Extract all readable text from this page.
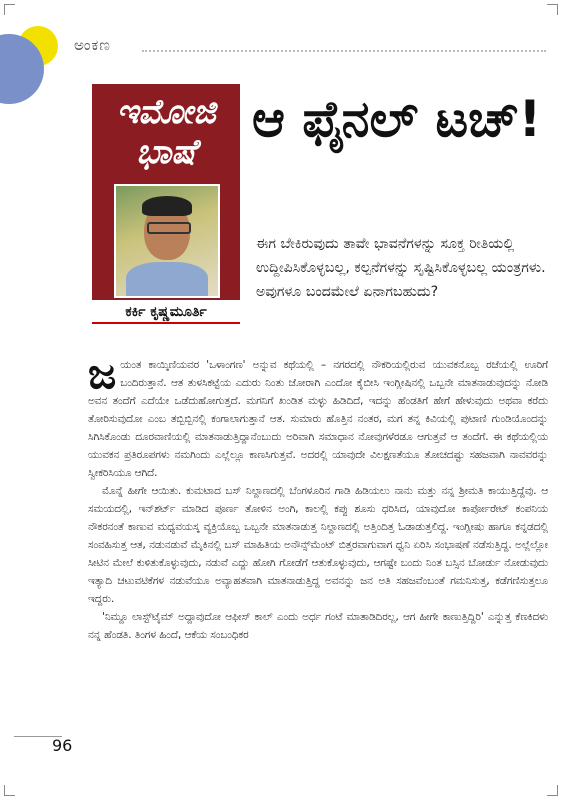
ಅಂಕಣ
ಇಮೋಜಿ ಭಾಷೆ
ಕರ್ಕಿ ಕೃಷ್ಣಮೂರ್ತಿ
ಆ ಫೈನಲ್ ಟಚ್!
ಈಗ ಬೇಕಿರುವುದು ತಾವೇ ಭಾವನೆಗಳನ್ನು ಸೂಕ್ತ ರೀತಿಯಲ್ಲಿ ಉದ್ದೀಪಿಸಿಕೊಳ್ಳಬಲ್ಲ, ಕಲ್ಪನೆಗಳನ್ನು ಸೃಷ್ಟಿಸಿಕೊಳ್ಳಬಲ್ಲ ಯಂತ್ರಗಳು. ಅವುಗಳೂ ಬಂದಮೇಲೆ ಏನಾಗಬಹುದು?

ಜ ಯಂತ ಕಾಯ್ಕಿಣಿಯವರ 'ಒಳಾಂಗಣ' ಅನ್ನುವ ಕಥೆಯಲ್ಲಿ – ನಗರದಲ್ಲಿ ನೌಕರಿಯಲ್ಲಿರುವ ಯುವಕನೊಬ್ಬ ರಜೆಯಲ್ಲಿ ಊರಿಗೆ ಬಂದಿರುತ್ತಾನೆ. ಆತ ತುಳಸಿಕಟ್ಟೆಯ ಎದುರು ನಿಂತು ಜೋರಾಗಿ ಎಂದೋ ಕೈಬೀಸಿ ಇಂಗ್ಲೀಷಿನಲ್ಲಿ ಒಬ್ಬನೇ ಮಾತನಾಡುವುದನ್ನು ನೋಡಿ ಅವನ ತಂದೆಗೆ ಎದೆಯೇ ಒಡೆದುಹೋಗುತ್ತದೆ. ಮಗನಿಗೆ ಖಂಡಿತ ಮಳ್ಳು ಹಿಡಿದಿದೆ, ಇದನ್ನು ಹೆಂಡತಿಗೆ ಹೇಗೆ ಹೇಳುವುದು ಅಥವಾ ಕರೆದು ತೋರಿಸುವುದೋ ಎಂಬ ತಬ್ಬಿಬ್ಬಿನಲ್ಲಿ ಕಂಗಾಲಾಗುತ್ತಾನೆ ಆತ. ಸುಮಾರು ಹೊತ್ತಿನ ನಂತರ, ಮಗ ತನ್ನ ಕಿವಿಯಲ್ಲಿ ಪುಟಾಣಿ ಗುಂಡಿಯೊಂದನ್ನು ಸಿಗಿಸಿಕೊಂಡು ದೂರವಾಣಿಯಲ್ಲಿ ಮಾತನಾಡುತ್ತಿದ್ದಾನೆಂಬುದು ಅರಿವಾಗಿ ಸಮಾಧಾನ ನೋವುಗಳೆರಡೂ ಆಗುತ್ತವೆ ಆ ತಂದೆಗೆ. ಈ ಕಥೆಯಲ್ಲಿಯ ಯುವಕನ ಪ್ರತಿರೂಪಗಳು ನಮಗಿಂದು ಎಲ್ಲೆಲ್ಲೂ ಕಾಣಸಿಗುತ್ತವೆ. ಅದರಲ್ಲಿ ಯಾವುದೇ ವಿಲಕ್ಷಣತೆಯೂ ತೋಚದಷ್ಟು ಸಹಜವಾಗಿ ನಾವವರನ್ನು ಸ್ವೀಕರಿಸಿಯೂ ಆಗಿದೆ.

ಮೊನ್ನೆ ಹೀಗೇ ಆಯಿತು. ಕುಮಟಾದ ಬಸ್ ನಿಲ್ದಾಣದಲ್ಲಿ ಬೆಂಗಳೂರಿನ ಗಾಡಿ ಹಿಡಿಯಲು ನಾನು ಮತ್ತು ನನ್ನ ಶ್ರೀಮತಿ ಕಾಯುತ್ತಿದ್ದೆವು. ಆ ಸಮಯದಲ್ಲಿ, ಇನ್‌ಶರ್ಟ್ ಮಾಡಿದ ಪೂರ್ಣ ತೋಳಿನ ಅಂಗಿ, ಕಾಲಲ್ಲಿ ಕಪ್ಪು ಶೂಸು ಧರಿಸಿದ, ಯಾವುದೋ ಕಾರ್ಪೋರೇಟ್ ಕಂಪನಿಯ ನೌಕರನಂತೆ ಕಾಣುವ ಮಧ್ಯವಯಸ್ಕ ವ್ಯಕ್ತಿಯೊಬ್ಬ ಒಬ್ಬನೇ ಮಾತನಾಡುತ್ತ ನಿಲ್ದಾಣದಲ್ಲಿ ಅತ್ತಿಂದಿತ್ತ ಓಡಾಡುತ್ತಲಿದ್ದ. ಇಂಗ್ಲೀಷು ಹಾಗೂ ಕನ್ನಡದಲ್ಲಿ ಸಂವಹಿಸುತ್ತ ಆತ, ನಡುನಡುವೆ ಮೈಕಿನಲ್ಲಿ ಬಸ್ ಮಾಹಿತಿಯ ಅನೌನ್ಸ್‌ಮೆಂಟ್ ಬಿತ್ತರವಾಗುವಾಗ ಧ್ವನಿ ಏರಿಸಿ ಸಂಭಾಷಣೆ ನಡೆಸುತ್ತಿದ್ದ. ಅಲ್ಲೆಲ್ಲೋ ಸೀಟಿನ ಮೇಲೆ ಕುಳಿತುಕೊಳ್ಳುವುದು, ನಡುವೆ ಎದ್ದು ಹೋಗಿ ಗೋಡೆಗೆ ಆತುಕೊಳ್ಳುವುದು, ಆಗಷ್ಟೇ ಬಂದು ನಿಂತ ಬಸ್ಸಿನ ಬೋರ್ಡು ನೋಡುವುದು ಇತ್ಯಾದಿ ಚಟುವಟಿಕೆಗಳ ನಡುವೆಯೂ ಅವ್ಯಾಹತವಾಗಿ ಮಾತನಾಡುತ್ತಿದ್ದ ಅವನನ್ನು ಜನ ಅತಿ ಸಹಜವೆಂಬಂತೆ ಗಮನಿಸುತ್ತ, ಕಡೆಗಣಿಸುತ್ತಲೂ ಇದ್ದರು.

'ನಿಮ್ದೂ ಲಾಸ್ಟ್‌ಟೈಮ್ ಅದ್ದಾವುದೋ ಆಫೀಸ್ ಕಾಲ್ ಎಂದು ಅರ್ಧ ಗಂಟೆ ಮಾತಾಡಿದಿರಲ್ಲ, ಆಗ ಹೀಗೇ ಕಾಣುತ್ತಿದ್ದಿರಿ' ಎನ್ನುತ್ತ ಕೆಣಕಿದಳು ನನ್ನ ಹೆಂಡತಿ. ತಿಂಗಳ ಹಿಂದೆ, ಆಕೆಯ ಸಂಬಂಧಿಕರ

96
